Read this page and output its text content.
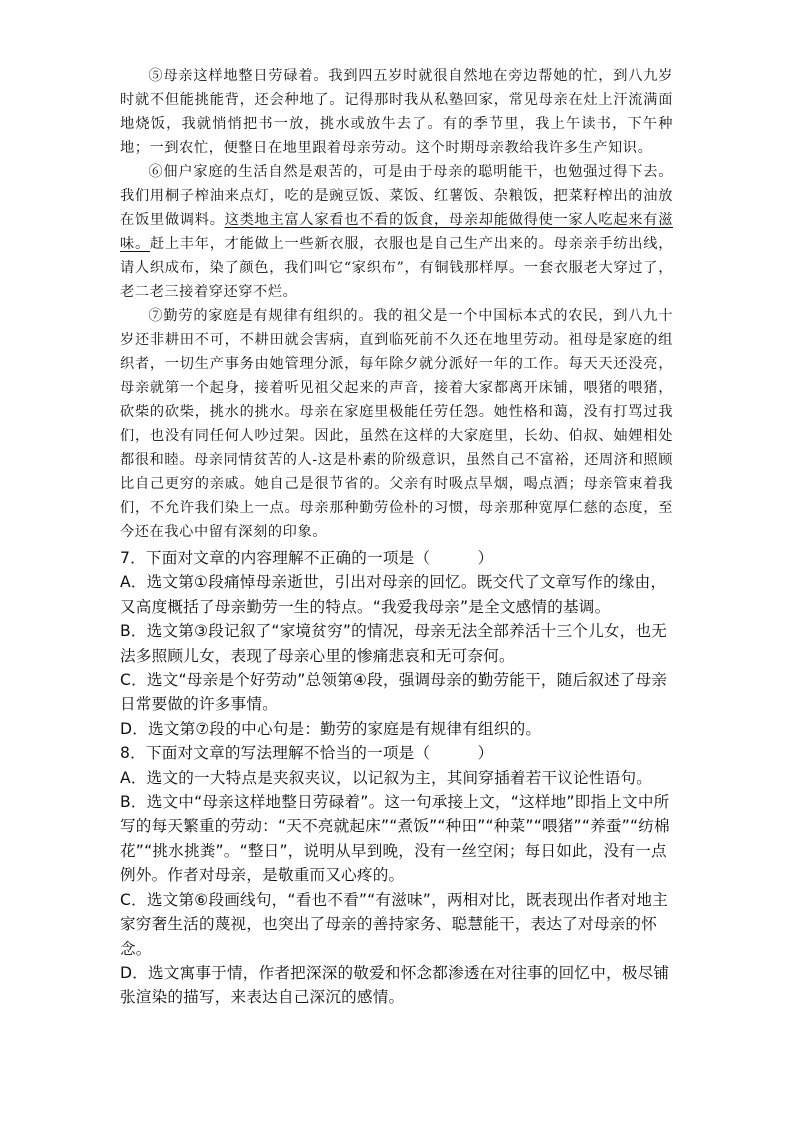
⑤母亲这样地整日劳碌着。我到四五岁时就很自然地在旁边帮她的忙，到八九岁时就不但能挑能背，还会种地了。记得那时我从私塾回家，常见母亲在灶上汗流满面地烧饭，我就悄悄把书一放，挑水或放牛去了。有的季节里，我上午读书，下午种地；一到农忙，便整日在地里跟着母亲劳动。这个时期母亲教给我许多生产知识。

⑥佃户家庭的生活自然是艰苦的，可是由于母亲的聪明能干，也勉强过得下去。我们用桐子榨油来点灯，吃的是豌豆饭、菜饭、红薯饭、杂粮饭，把菜籽榨出的油放在饭里做调料。这类地主富人家看也不看的饭食，母亲却能做得使一家人吃起来有滋味。赶上丰年，才能做上一些新衣服，衣服也是自己生产出来的。母亲亲手纺出线，请人织成布，染了颜色，我们叫它“家织布”，有铜钱那样厚。一套衣服老大穿过了，老二老三接着穿还穿不烂。

⑦勤劳的家庭是有规律有组织的。我的祖父是一个中国标本式的农民，到八九十岁还非耕田不可，不耕田就会害病，直到临死前不久还在地里劳动。祖母是家庭的组织者，一切生产事务由她管理分派，每年除夕就分派好一年的工作。每天天还没亮，母亲就第一个起身，接着听见祖父起来的声音，接着大家都离开床铺，喂猪的喂猪，砍柴的砍柴，挑水的挑水。母亲在家庭里极能任劳任怨。她性格和蔼，没有打骂过我们，也没有同任何人吵过架。因此，虽然在这样的大家庭里，长幼、伯叔、妯娌相处都很和睦。母亲同情贫苦的人-这是朴素的阶级意识，虽然自己不富裕，还周济和照顾比自己更穷的亲戚。她自己是很节省的。父亲有时吸点旱烟，喝点酒；母亲管束着我们，不允许我们染上一点。母亲那种勤劳俭朴的习惯，母亲那种宽厚仁慈的态度，至今还在我心中留有深刻的印象。

7．下面对文章的内容理解不正确的一项是（　　　）

A．选文第①段痛悼母亲逝世，引出对母亲的回忆。既交代了文章写作的缘由，又高度概括了母亲勤劳一生的特点。“我爱我母亲”是全文感情的基调。

B．选文第③段记叙了“家境贫穷”的情况，母亲无法全部养活十三个儿女，也无法多照顾儿女，表现了母亲心里的惨痛悲哀和无可奈何。

C．选文“母亲是个好劳动”总领第④段，强调母亲的勤劳能干，随后叙述了母亲日常要做的许多事情。

D．选文第⑦段的中心句是：勤劳的家庭是有规律有组织的。

8．下面对文章的写法理解不恰当的一项是（　　　）

A．选文的一大特点是夹叙夹议，以记叙为主，其间穿插着若干议论性语句。

B．选文中“母亲这样地整日劳碌着”。这一句承接上文，“这样地”即指上文中所写的每天繁重的劳动：“天不亮就起床”“煮饭”“种田”“种菜”“喂猪”“养蚕”“纺棉花”“挑水挑粪”。“整日”，说明从早到晚，没有一丝空闲；每日如此，没有一点例外。作者对母亲，是敬重而又心疼的。

C．选文第⑥段画线句，“看也不看”“有滋味”，两相对比，既表现出作者对地主家穷奢生活的蔑视，也突出了母亲的善持家务、聪慧能干，表达了对母亲的怀念。

D．选文寓事于情，作者把深深的敬爱和怀念都渗透在对往事的回忆中，极尽铺张渲染的描写，来表达自己深沉的感情。
